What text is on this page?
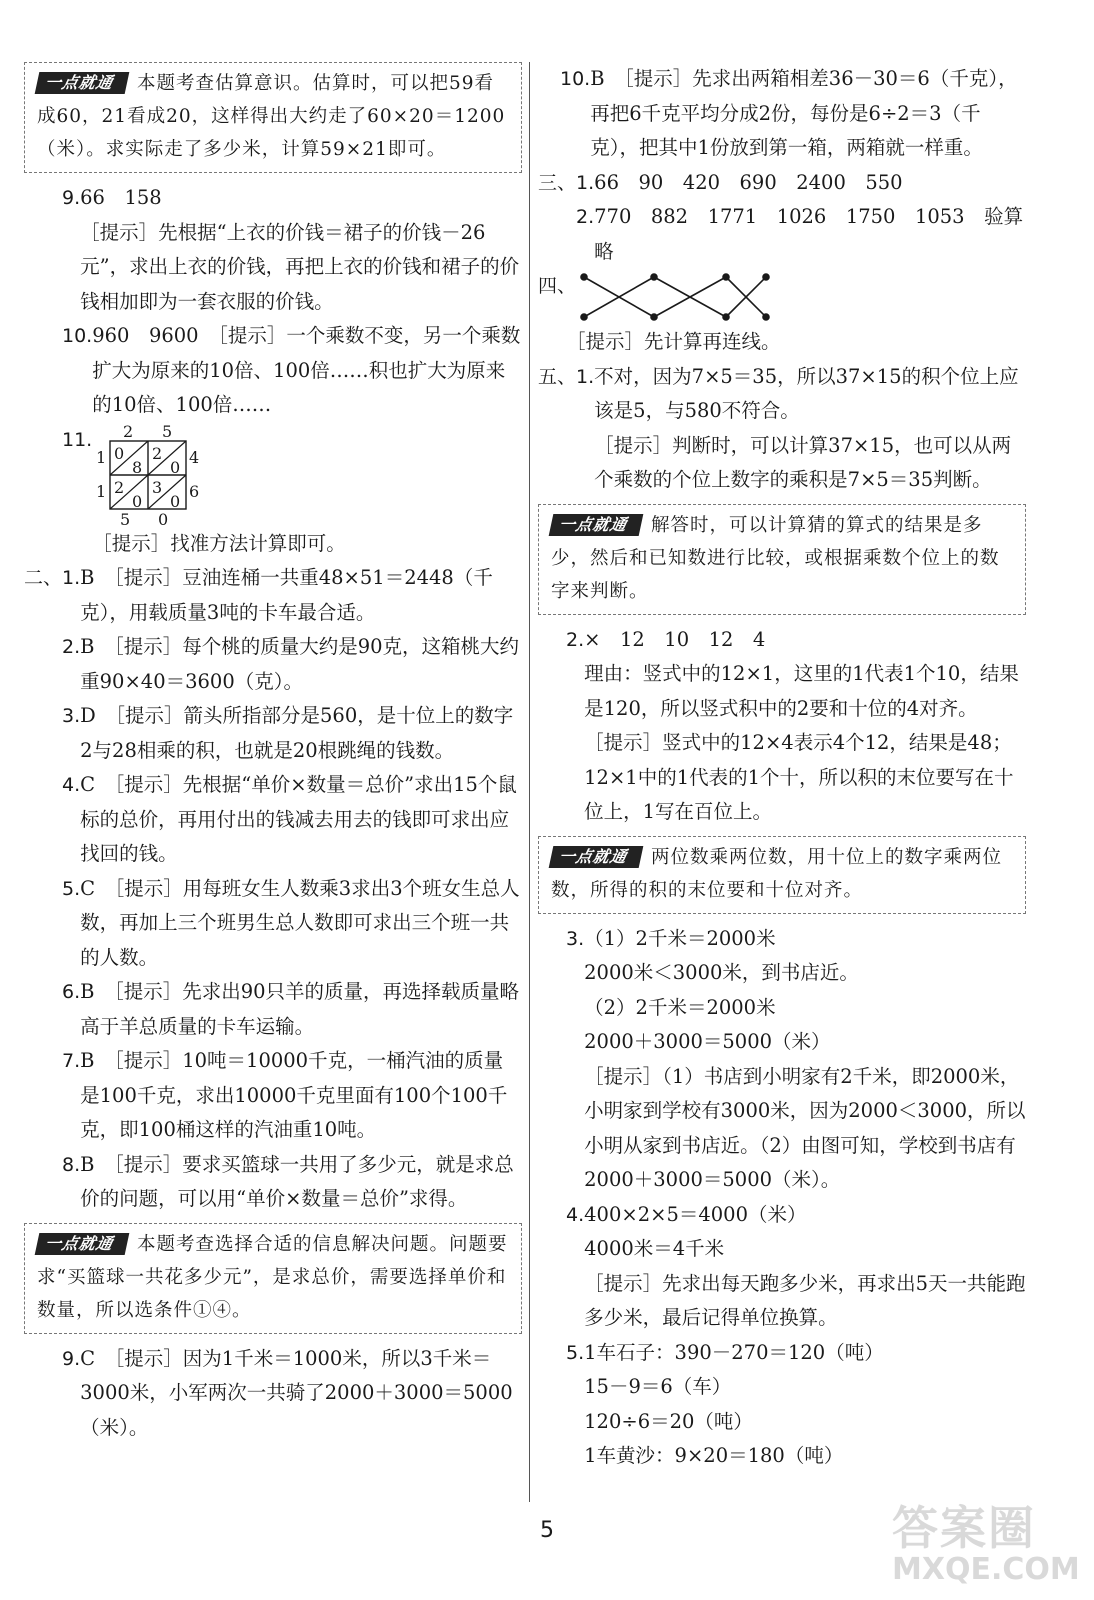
一点就通 本题考查估算意识。估算时，可以把59看成60，21看成20，这样得出大约走了60×20＝1200（米）。求实际走了多少米，计算59×21即可。
9. 66　158
［提示］先根据“上衣的价钱＝裙子的价钱－26元”，求出上衣的价钱，再把上衣的价钱和裙子的价钱相加即为一套衣服的价钱。
10. 960　9600　［提示］一个乘数不变，另一个乘数扩大为原来的10倍、100倍……积也扩大为原来的10倍、100倍……
11. 2 5
1
1
4
6
5 0
0
8
2
0
2
0
3
0
［提示］找准方法计算即可。
二、 1. B　［提示］豆油连桶一共重48×51＝2448（千克），用载质量3吨的卡车最合适。
2. B　［提示］每个桃的质量大约是90克，这箱桃大约重90×40＝3600（克）。
3. D　［提示］箭头所指部分是560，是十位上的数字2与28相乘的积，也就是20根跳绳的钱数。
4. C　［提示］先根据“单价×数量＝总价”求出15个鼠标的总价，再用付出的钱减去用去的钱即可求出应找回的钱。
5. C　［提示］用每班女生人数乘3求出3个班女生总人数，再加上三个班男生总人数即可求出三个班一共的人数。
6. B　［提示］先求出90只羊的质量，再选择载质量略高于羊总质量的卡车运输。
7. B　［提示］10吨＝10000千克，一桶汽油的质量是100千克，求出10000千克里面有100个100千克，即100桶这样的汽油重10吨。
8. B　［提示］要求买篮球一共用了多少元，就是求总价的问题，可以用“单价×数量＝总价”求得。
一点就通 本题考查选择合适的信息解决问题。问题要求“买篮球一共花多少元”，是求总价，需要选择单价和数量，所以选条件①④。
9. C　［提示］因为1千米＝1000米，所以3千米＝3000米，小军两次一共骑了2000＋3000＝5000（米）。
10. B　［提示］先求出两箱相差36－30＝6（千克），再把6千克平均分成2份，每份是6÷2＝3（千克），把其中1份放到第一箱，两箱就一样重。
三、 1. 66　90　420　690　2400　550
2. 770　882　1771　1026　1750　1053　验算略
四、
［提示］先计算再连线。
五、 1. 不对，因为7×5＝35，所以37×15的积个位上应该是5，与580不符合。
［提示］判断时，可以计算37×15，也可以从两个乘数的个位上数字的乘积是7×5＝35判断。
一点就通 解答时，可以计算猜的算式的结果是多少，然后和已知数进行比较，或根据乘数个位上的数字来判断。
2. ×　12　10　12　4
理由：竖式中的12×1，这里的1代表1个10，结果是120，所以竖式积中的2要和十位的4对齐。
［提示］竖式中的12×4表示4个12，结果是48；12×1中的1代表的1个十，所以积的末位要写在十位上，1写在百位上。
一点就通 两位数乘两位数，用十位上的数字乘两位数，所得的积的末位要和十位对齐。
3. （1）2千米＝2000米
2000米＜3000米，到书店近。
（2）2千米＝2000米
2000＋3000＝5000（米）
［提示］（1）书店到小明家有2千米，即2000米，小明家到学校有3000米，因为2000＜3000，所以小明从家到书店近。（2）由图可知，学校到书店有2000＋3000＝5000（米）。
4. 400×2×5＝4000（米）
4000米＝4千米
［提示］先求出每天跑多少米，再求出5天一共能跑多少米，最后记得单位换算。
5. 1车石子：390－270＝120（吨）
15－9＝6（车）
120÷6＝20（吨）
1车黄沙：9×20＝180（吨）
5	答案圈
MXQE.COM
